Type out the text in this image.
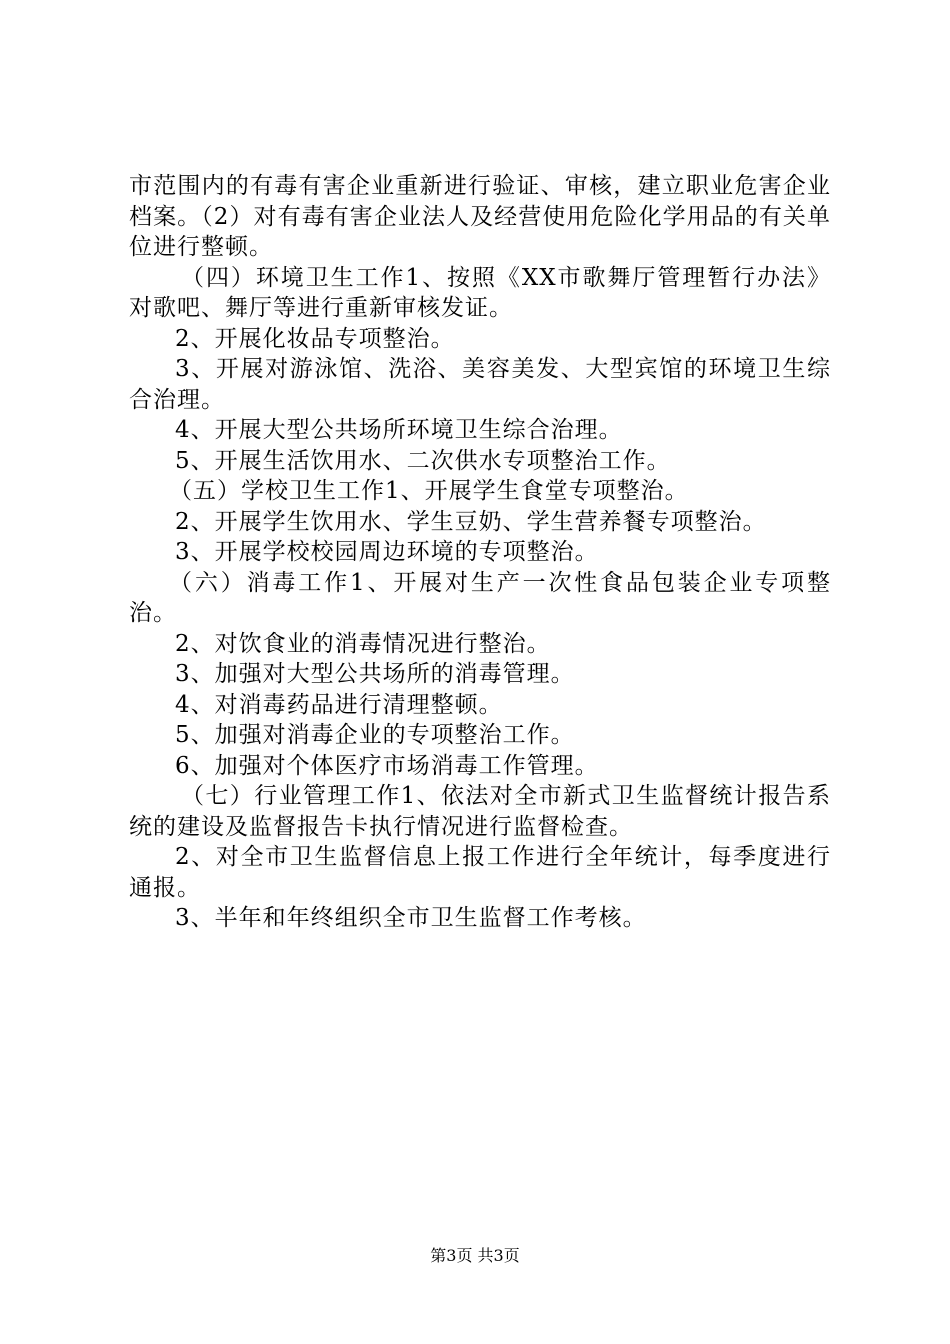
市范围内的有毒有害企业重新进行验证、审核，建立职业危害企业档案。（2）对有毒有害企业法人及经营使用危险化学用品的有关单位进行整顿。

（四）环境卫生工作1、按照《XX市歌舞厅管理暂行办法》对歌吧、舞厅等进行重新审核发证。

2、开展化妆品专项整治。

3、开展对游泳馆、洗浴、美容美发、大型宾馆的环境卫生综合治理。

4、开展大型公共场所环境卫生综合治理。

5、开展生活饮用水、二次供水专项整治工作。

（五）学校卫生工作1、开展学生食堂专项整治。

2、开展学生饮用水、学生豆奶、学生营养餐专项整治。

3、开展学校校园周边环境的专项整治。

（六）消毒工作1、开展对生产一次性食品包装企业专项整治。

2、对饮食业的消毒情况进行整治。

3、加强对大型公共场所的消毒管理。

4、对消毒药品进行清理整顿。

5、加强对消毒企业的专项整治工作。

6、加强对个体医疗市场消毒工作管理。

（七）行业管理工作1、依法对全市新式卫生监督统计报告系统的建设及监督报告卡执行情况进行监督检查。

2、对全市卫生监督信息上报工作进行全年统计，每季度进行通报。

3、半年和年终组织全市卫生监督工作考核。

第3页 共3页
